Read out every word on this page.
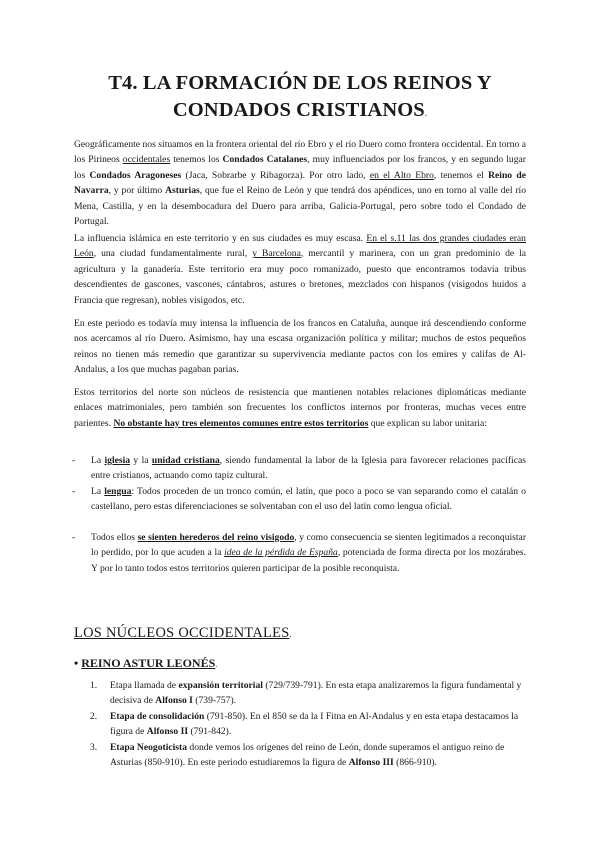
T4. LA FORMACIÓN DE LOS REINOS Y
CONDADOS CRISTIANOS.

Geográficamente nos situamos en la frontera oriental del río Ebro y el río Duero como frontera occidental. En torno a los Pirineos occidentales tenemos los Condados Catalanes, muy influenciados por los francos, y en segundo lugar los Condados Aragoneses (Jaca, Sobrarbe y Ribagorza). Por otro lado, en el Alto Ebro, tenemos el Reino de Navarra, y por último Asturias, que fue el Reino de León y que tendrá dos apéndices, uno en torno al valle del río Mena, Castilla, y en la desembocadura del Duero para arriba, Galicia-Portugal, pero sobre todo el Condado de Portugal.

La influencia islámica en este territorio y en sus ciudades es muy escasa. En el s.11 las dos grandes ciudades eran León, una ciudad fundamentalmente rural, y Barcelona, mercantil y marinera, con un gran predominio de la agricultura y la ganadería. Este territorio era muy poco romanizado, puesto que encontramos todavía tribus descendientes de gascones, vascones, cántabros, astures o bretones, mezclados con hispanos (visigodos huidos a Francia que regresan), nobles visigodos, etc.

En este periodo es todavía muy intensa la influencia de los francos en Cataluña, aunque irá descendiendo conforme nos acercamos al río Duero. Asimismo, hay una escasa organización política y militar; muchos de estos pequeños reinos no tienen más remedio que garantizar su supervivencia mediante pactos con los emires y califas de Al-Andalus, a los que muchas pagaban parias.

Estos territorios del norte son núcleos de resistencia que mantienen notables relaciones diplomáticas mediante enlaces matrimoniales, pero también son frecuentes los conflictos internos por fronteras, muchas veces entre parientes. No obstante hay tres elementos comunes entre estos territorios que explican su labor unitaria:

- La iglesia y la unidad cristiana, siendo fundamental la labor de la Iglesia para favorecer relaciones pacíficas entre cristianos, actuando como tapiz cultural.
- La lengua: Todos proceden de un tronco común, el latín, que poco a poco se van separando como el catalán o castellano, pero estas diferenciaciones se solventaban con el uso del latín como lengua oficial.
- Todos ellos se sienten herederos del reino visigodo, y como consecuencia se sienten legitimados a reconquistar lo perdido, por lo que acuden a la idea de la pérdida de España, potenciada de forma directa por los mozárabes. Y por lo tanto todos estos territorios quieren participar de la posible reconquista.
LOS NÚCLEOS OCCIDENTALES.
• REINO ASTUR LEONÉS.
1. Etapa llamada de expansión territorial (729/739-791). En esta etapa analizaremos la figura fundamental y decisiva de Alfonso I (739-757).
2. Etapa de consolidación (791-850). En el 850 se da la I Fitna en Al-Andalus y en esta etapa destacamos la figura de Alfonso II (791-842).
3. Etapa Neogoticista donde vemos los orígenes del reino de León, donde superamos el antiguo reino de Asturias (850-910). En este periodo estudiaremos la figura de Alfonso III (866-910).
